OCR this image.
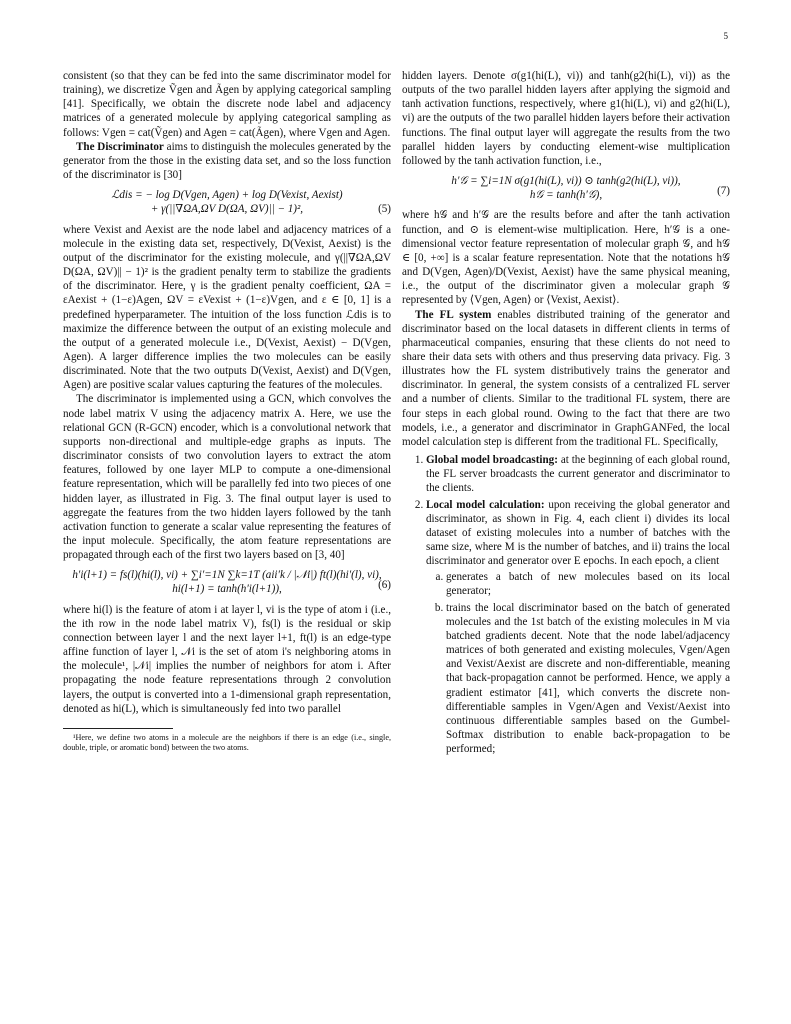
5

consistent (so that they can be fed into the same discriminator model for training), we discretize Ṽgen and Ãgen by applying categorical sampling [41]. Specifically, we obtain the discrete node label and adjacency matrices of a generated molecule by applying categorical sampling as follows: Vgen = cat(Ṽgen) and Agen = cat(Ãgen), where Vgen and Agen.

The Discriminator aims to distinguish the molecules generated by the generator from the those in the existing data set, and so the loss function of the discriminator is [30]

ℒdis = − log D(Vgen, Agen) + log D(Vexist, Aexist)
+ γ(||∇ΩA,ΩV D(ΩA, ΩV)|| − 1)²,	(5)

where Vexist and Aexist are the node label and adjacency matrices of a molecule in the existing data set, respectively, D(Vexist, Aexist) is the output of the discriminator for the existing molecule, and γ(||∇ΩA,ΩV D(ΩA, ΩV)|| − 1)² is the gradient penalty term to stabilize the gradients of the discriminator. Here, γ is the gradient penalty coefficient, ΩA = εAexist + (1−ε)Agen, ΩV = εVexist + (1−ε)Vgen, and ε ∈ [0, 1] is a predefined hyperparameter. The intuition of the loss function ℒdis is to maximize the difference between the output of an existing molecule and the output of a generated molecule i.e., D(Vexist, Aexist) − D(Vgen, Agen). A larger difference implies the two molecules can be easily discriminated. Note that the two outputs D(Vexist, Aexist) and D(Vgen, Agen) are positive scalar values capturing the features of the molecules.

The discriminator is implemented using a GCN, which convolves the node label matrix V using the adjacency matrix A. Here, we use the relational GCN (R-GCN) encoder, which is a convolutional network that supports non-directional and multiple-edge graphs as inputs. The discriminator consists of two convolution layers to extract the atom features, followed by one layer MLP to compute a one-dimensional feature representation, which will be parallelly fed into two pieces of one hidden layer, as illustrated in Fig. 3. The final output layer is used to aggregate the features from the two hidden layers followed by the tanh activation function to generate a scalar value representing the features of the input molecule. Specifically, the atom feature representations are propagated through each of the first two layers based on [3, 40]

h′i(l+1) = fs(l)(hi(l), vi) + ∑i′=1N ∑k=1T (aii′k / |𝒩i|) ft(l)(hi′(l), vi),
hi(l+1) = tanh(h′i(l+1)),	(6)

where hi(l) is the feature of atom i at layer l, vi is the type of atom i (i.e., the ith row in the node label matrix V), fs(l) is the residual or skip connection between layer l and the next layer l+1, ft(l) is an edge-type affine function of layer l, 𝒩i is the set of atom i's neighboring atoms in the molecule¹, |𝒩i| implies the number of neighbors for atom i. After propagating the node feature representations through 2 convolution layers, the output is converted into a 1-dimensional graph representation, denoted as hi(L), which is simultaneously fed into two parallel

¹Here, we define two atoms in a molecule are the neighbors if there is an edge (i.e., single, double, triple, or aromatic bond) between the two atoms.

hidden layers. Denote σ(g1(hi(L), vi)) and tanh(g2(hi(L), vi)) as the outputs of the two parallel hidden layers after applying the sigmoid and tanh activation functions, respectively, where g1(hi(L), vi) and g2(hi(L), vi) are the outputs of the two parallel hidden layers before their activation functions. The final output layer will aggregate the results from the two parallel hidden layers by conducting element-wise multiplication followed by the tanh activation function, i.e.,

h′𝒢 = ∑i=1N σ(g1(hi(L), vi)) ⊙ tanh(g2(hi(L), vi)),
h𝒢 = tanh(h′𝒢),	(7)

where h𝒢 and h′𝒢 are the results before and after the tanh activation function, and ⊙ is element-wise multiplication. Here, h′𝒢 is a one-dimensional vector feature representation of molecular graph 𝒢, and h𝒢 ∈ [0, +∞] is a scalar feature representation. Note that the notations h𝒢 and D(Vgen, Agen)/D(Vexist, Aexist) have the same physical meaning, i.e., the output of the discriminator given a molecular graph 𝒢 represented by ⟨Vgen, Agen⟩ or ⟨Vexist, Aexist⟩.

The FL system enables distributed training of the generator and discriminator based on the local datasets in different clients in terms of pharmaceutical companies, ensuring that these clients do not need to share their data sets with others and thus preserving data privacy. Fig. 3 illustrates how the FL system distributively trains the generator and discriminator. In general, the system consists of a centralized FL server and a number of clients. Similar to the traditional FL system, there are four steps in each global round. Owing to the fact that there are two models, i.e., a generator and discriminator in GraphGANFed, the local model calculation step is different from the traditional FL. Specifically,

1. Global model broadcasting: at the beginning of each global round, the FL server broadcasts the current generator and discriminator to the clients.
2. Local model calculation: upon receiving the global generator and discriminator, as shown in Fig. 4, each client i) divides its local dataset of existing molecules into a number of batches with the same size, where M is the number of batches, and ii) trains the local discriminator and generator over E epochs. In each epoch, a client
a. generates a batch of new molecules based on its local generator;
b. trains the local discriminator based on the batch of generated molecules and the 1st batch of the existing molecules in M via batched gradients decent. Note that the node label/adjacency matrices of both generated and existing molecules, Vgen/Agen and Vexist/Aexist are discrete and non-differentiable, meaning that back-propagation cannot be performed. Hence, we apply a gradient estimator [41], which converts the discrete non-differentiable samples in Vgen/Agen and Vexist/Aexist into continuous differentiable samples based on the Gumbel-Softmax distribution to enable back-propagation to be performed;
